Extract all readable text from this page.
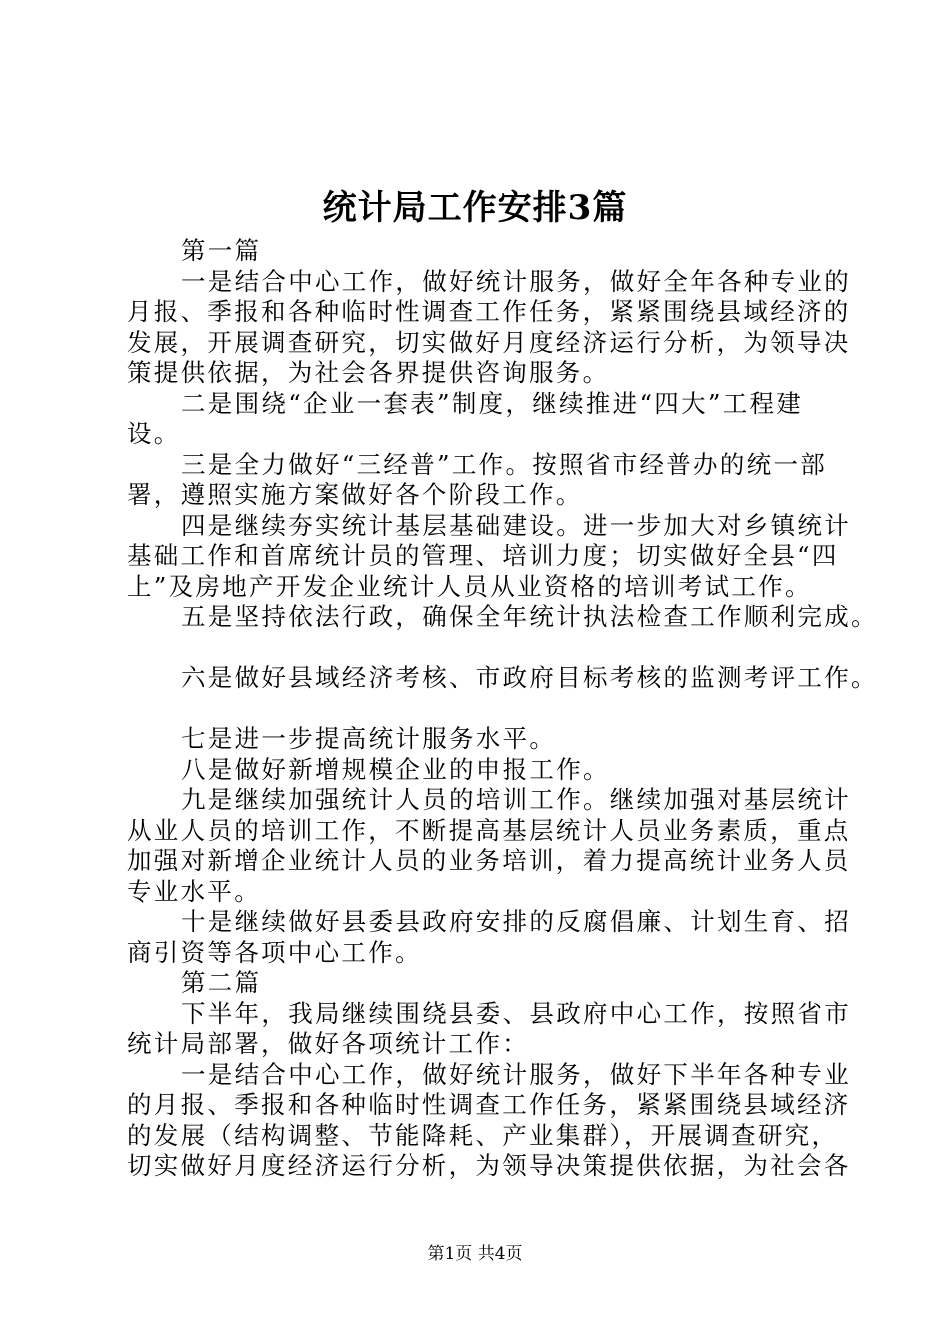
统计局工作安排3篇
第一篇
一是结合中心工作，做好统计服务，做好全年各种专业的
月报、季报和各种临时性调查工作任务，紧紧围绕县域经济的
发展，开展调查研究，切实做好月度经济运行分析，为领导决
策提供依据，为社会各界提供咨询服务。
二是围绕“企业一套表”制度，继续推进“四大”工程建
设。
三是全力做好“三经普”工作。按照省市经普办的统一部
署，遵照实施方案做好各个阶段工作。
四是继续夯实统计基层基础建设。进一步加大对乡镇统计
基础工作和首席统计员的管理、培训力度；切实做好全县“四
上”及房地产开发企业统计人员从业资格的培训考试工作。
五是坚持依法行政，确保全年统计执法检查工作顺利完成。
六是做好县域经济考核、市政府目标考核的监测考评工作。
七是进一步提高统计服务水平。
八是做好新增规模企业的申报工作。
九是继续加强统计人员的培训工作。继续加强对基层统计
从业人员的培训工作，不断提高基层统计人员业务素质，重点
加强对新增企业统计人员的业务培训，着力提高统计业务人员
专业水平。
十是继续做好县委县政府安排的反腐倡廉、计划生育、招
商引资等各项中心工作。
第二篇
下半年，我局继续围绕县委、县政府中心工作，按照省市
统计局部署，做好各项统计工作：
一是结合中心工作，做好统计服务，做好下半年各种专业
的月报、季报和各种临时性调查工作任务，紧紧围绕县域经济
的发展（结构调整、节能降耗、产业集群），开展调查研究，
切实做好月度经济运行分析，为领导决策提供依据，为社会各
第1页 共4页
